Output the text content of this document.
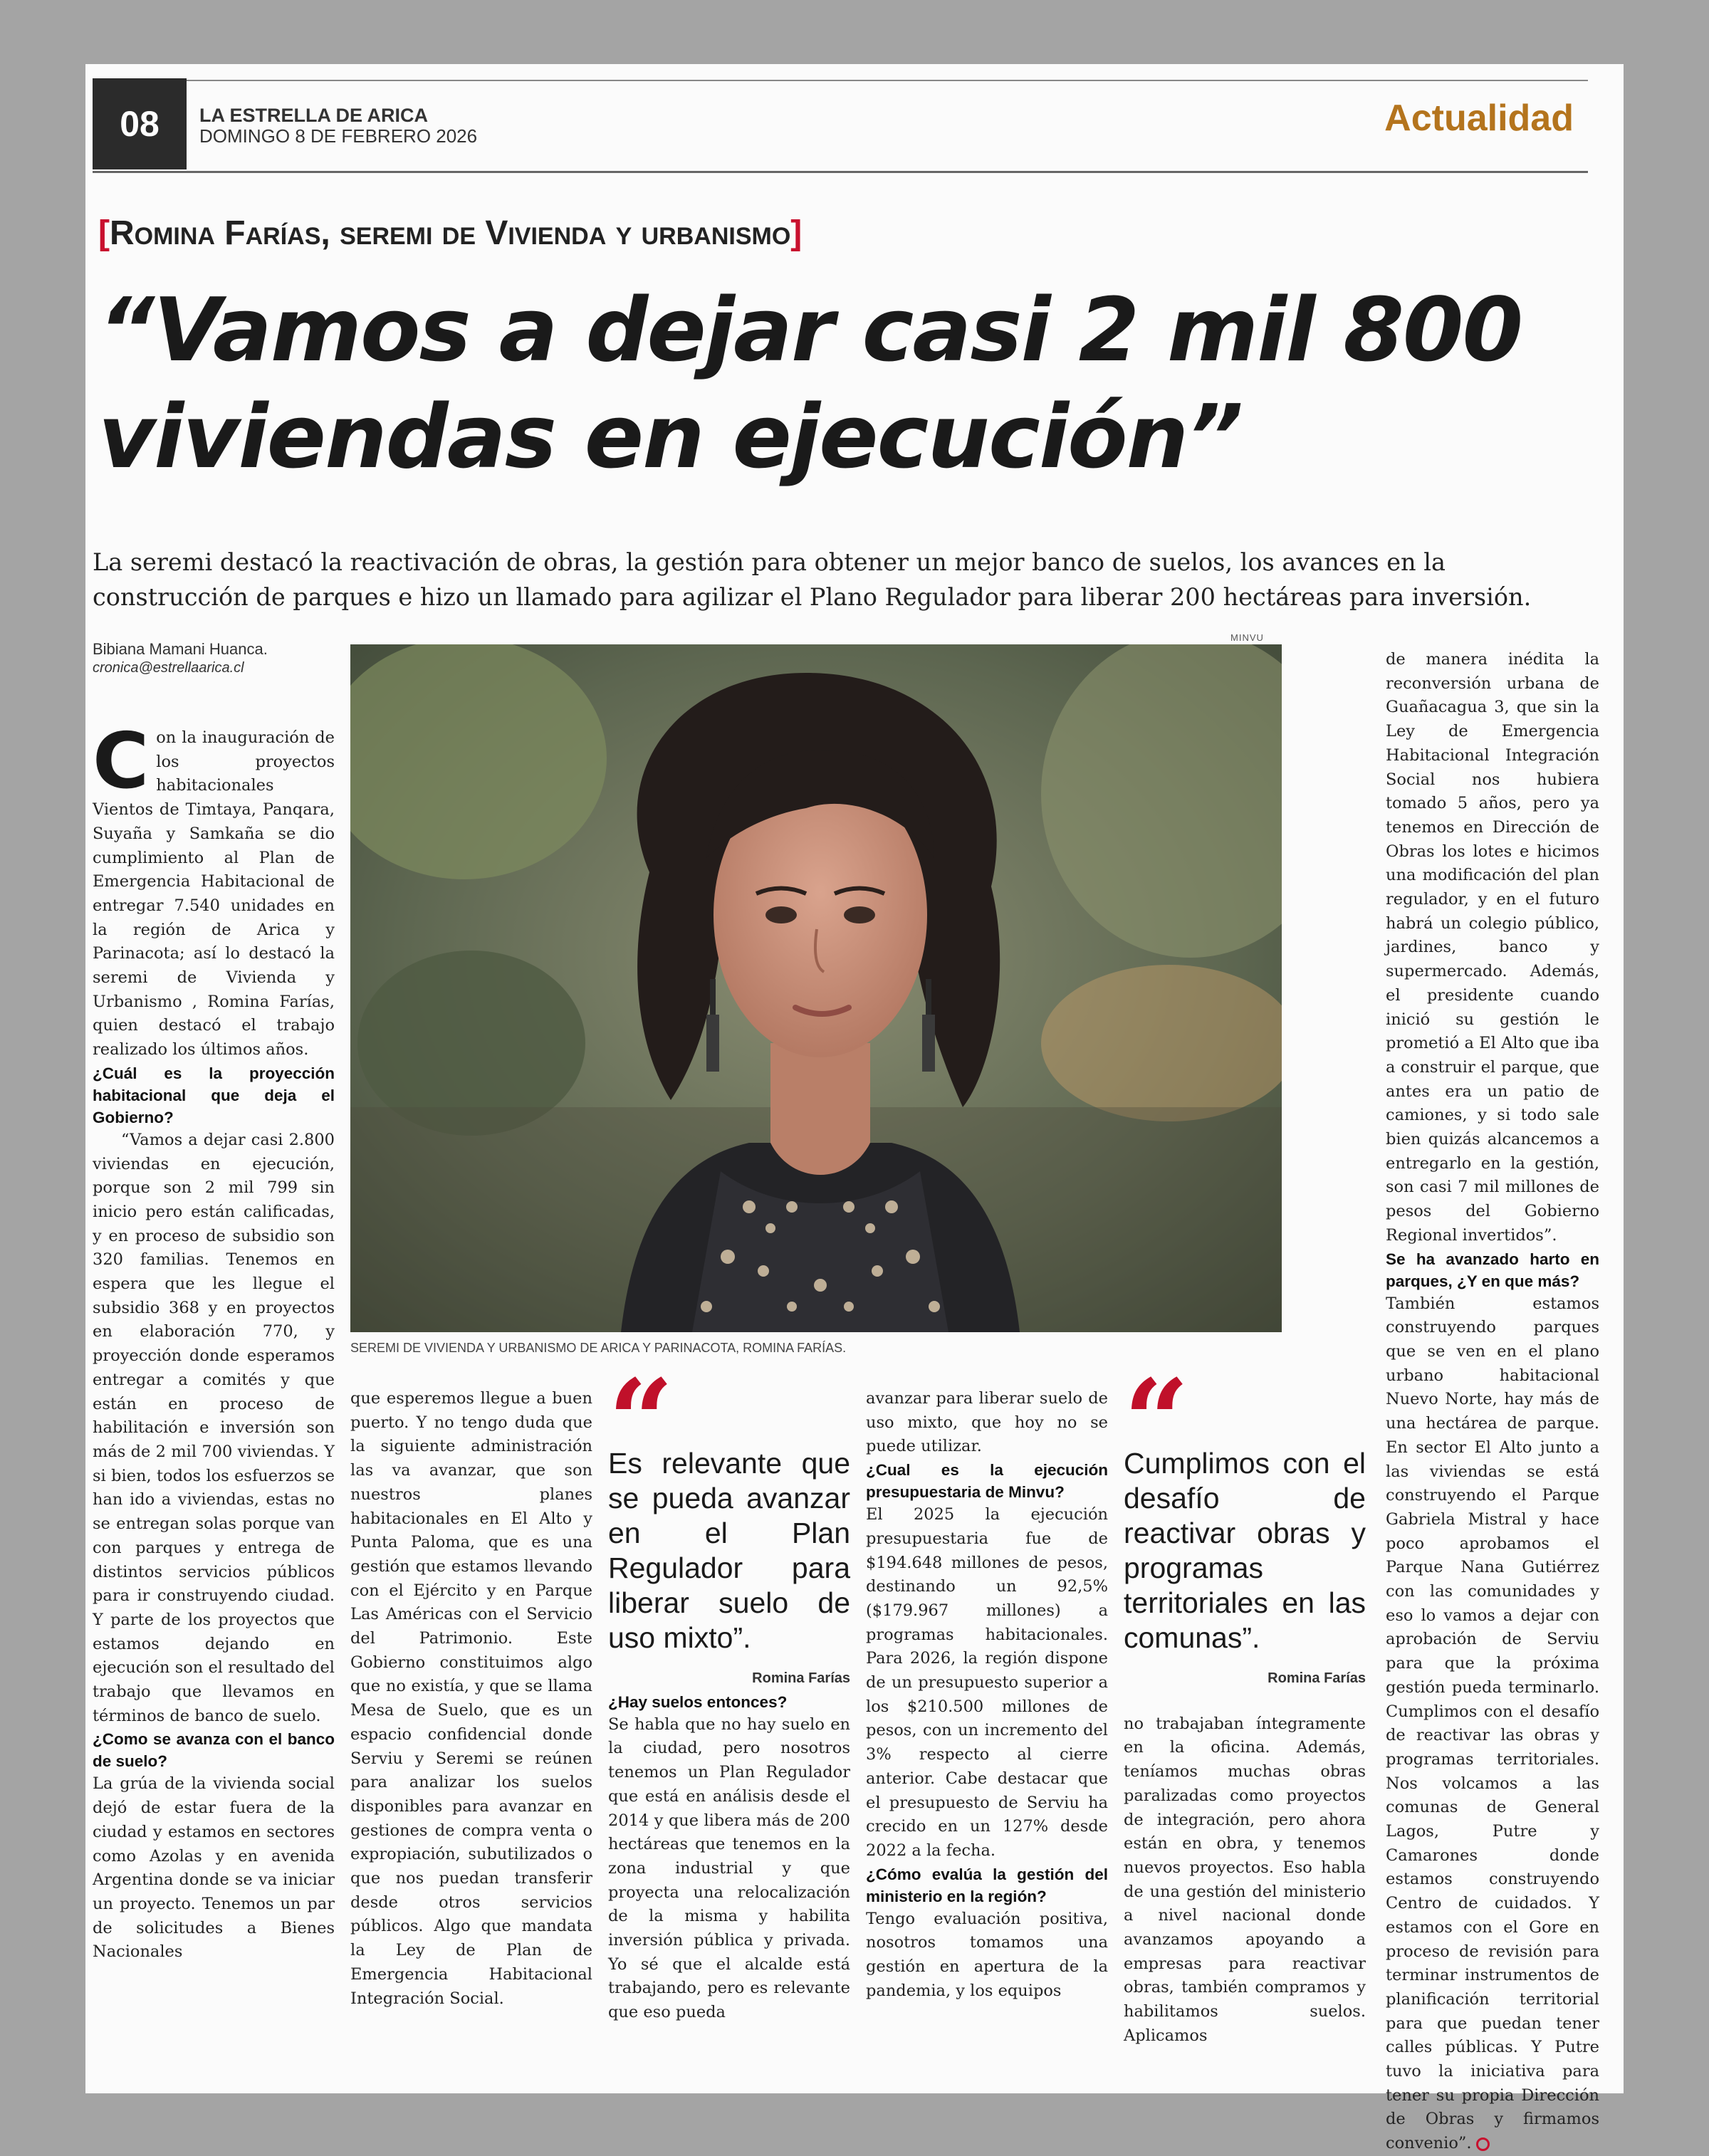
08	LA ESTRELLA DE ARICA
DOMINGO 8 DE FEBRERO 2026	Actualidad
[Romina Farías, seremi de Vivienda y urbanismo]
“Vamos a dejar casi 2 mil 800
viviendas en ejecución”
La seremi destacó la reactivación de obras, la gestión para obtener un mejor banco de suelos, los avances en la construcción de parques e hizo un llamado para agilizar el Plano Regulador para liberar 200 hectáreas para inversión.
Bibiana Mamani Huanca.
cronica@estrellaarica.cl
MINVU
SEREMI DE VIVIENDA Y URBANISMO DE ARICA Y PARINACOTA, ROMINA FARÍAS.

Con la inauguración de los proyectos habitacionales Vientos de Timtaya, Panqara, Suyaña y Samkaña se dio cumplimiento al Plan de Emergencia Habitacional de entregar 7.540 unidades en la región de Arica y Parinacota; así lo destacó la seremi de Vivienda y Urbanismo , Romina Farías, quien destacó el trabajo realizado los últimos años.

¿Cuál es la proyección habitacional que deja el Gobierno?

“Vamos a dejar casi 2.800 viviendas en ejecución, porque son 2 mil 799 sin inicio pero están calificadas, y en proceso de subsidio son 320 familias. Tenemos en espera que les llegue el subsidio 368 y en proyectos en elaboración 770, y proyección donde esperamos entregar a comités y que están en proceso de habilitación e inversión son más de 2 mil 700 viviendas. Y si bien, todos los esfuerzos se han ido a viviendas, estas no se entregan solas porque van con parques y entrega de distintos servicios públicos para ir construyendo ciudad. Y parte de los proyectos que estamos dejando en ejecución son el resultado del trabajo que llevamos en términos de banco de suelo.

¿Como se avanza con el banco de suelo?

La grúa de la vivienda social dejó de estar fuera de la ciudad y estamos en sectores como Azolas y en avenida Argentina donde se va iniciar un proyecto. Tenemos un par de solicitudes a Bienes Nacionales

que esperemos llegue a buen puerto. Y no tengo duda que la siguiente administración las va avanzar, que son nuestros planes habitacionales en El Alto y Punta Paloma, que es una gestión que estamos llevando con el Ejército y en Parque Las Américas con el Servicio del Patrimonio. Este Gobierno constituimos algo que no existía, y que se llama Mesa de Suelo, que es un espacio confidencial donde Serviu y Seremi se reúnen para analizar los suelos disponibles para avanzar en gestiones de compra venta o expropiación, subutilizados o que nos puedan transferir desde otros servicios públicos. Algo que mandata la Ley de Plan de Emergencia Habitacional Integración Social.

“
Es relevante que se pueda avanzar en el Plan Regulador para liberar suelo de uso mixto”.
Romina Farías

¿Hay suelos entonces?

Se habla que no hay suelo en la ciudad, pero nosotros tenemos un Plan Regulador que está en análisis desde el 2014 y que libera más de 200 hectáreas que tenemos en la zona industrial y que proyecta una relocalización de la misma y habilita inversión pública y privada. Yo sé que el alcalde está trabajando, pero es relevante que eso pueda

avanzar para liberar suelo de uso mixto, que hoy no se puede utilizar.

¿Cual es la ejecución presupuestaria de Minvu?

El 2025 la ejecución presupuestaria fue de $194.648 millones de pesos, destinando un 92,5% ($179.967 millones) a programas habitacionales. Para 2026, la región dispone de un presupuesto superior a los $210.500 millones de pesos, con un incremento del 3% respecto al cierre anterior. Cabe destacar que el presupuesto de Serviu ha crecido en un 127% desde 2022 a la fecha.

¿Cómo evalúa la gestión del ministerio en la región?

Tengo evaluación positiva, nosotros tomamos una gestión en apertura de la pandemia, y los equipos

“
Cumplimos con el desafío de reactivar obras y programas territoriales en las comunas”.
Romina Farías

no trabajaban íntegramente en la oficina. Además, teníamos muchas obras paralizadas como proyectos de integración, pero ahora están en obra, y tenemos nuevos proyectos. Eso habla de una gestión del ministerio a nivel nacional donde avanzamos apoyando a empresas para reactivar obras, también compramos y habilitamos suelos. Aplicamos

de manera inédita la reconversión urbana de Guañacagua 3, que sin la Ley de Emergencia Habitacional Integración Social nos hubiera tomado 5 años, pero ya tenemos en Dirección de Obras los lotes e hicimos una modificación del plan regulador, y en el futuro habrá un colegio público, jardines, banco y supermercado. Además, el presidente cuando inició su gestión le prometió a El Alto que iba a construir el parque, que antes era un patio de camiones, y si todo sale bien quizás alcancemos a entregarlo en la gestión, son casi 7 mil millones de pesos del Gobierno Regional invertidos”.

Se ha avanzado harto en parques, ¿Y en que más?

También estamos construyendo parques que se ven en el plano urbano habitacional Nuevo Norte, hay más de una hectárea de parque. En sector El Alto junto a las viviendas se está construyendo el Parque Gabriela Mistral y hace poco aprobamos el Parque Nana Gutiérrez con las comunidades y eso lo vamos a dejar con aprobación de Serviu para que la próxima gestión pueda terminarlo. Cumplimos con el desafío de reactivar las obras y programas territoriales. Nos volcamos a las comunas de General Lagos, Putre y Camarones donde estamos construyendo Centro de cuidados. Y estamos con el Gore en proceso de revisión para terminar instrumentos de planificación territorial para que puedan tener calles públicas. Y Putre tuvo la iniciativa para tener su propia Dirección de Obras y firmamos convenio”.
